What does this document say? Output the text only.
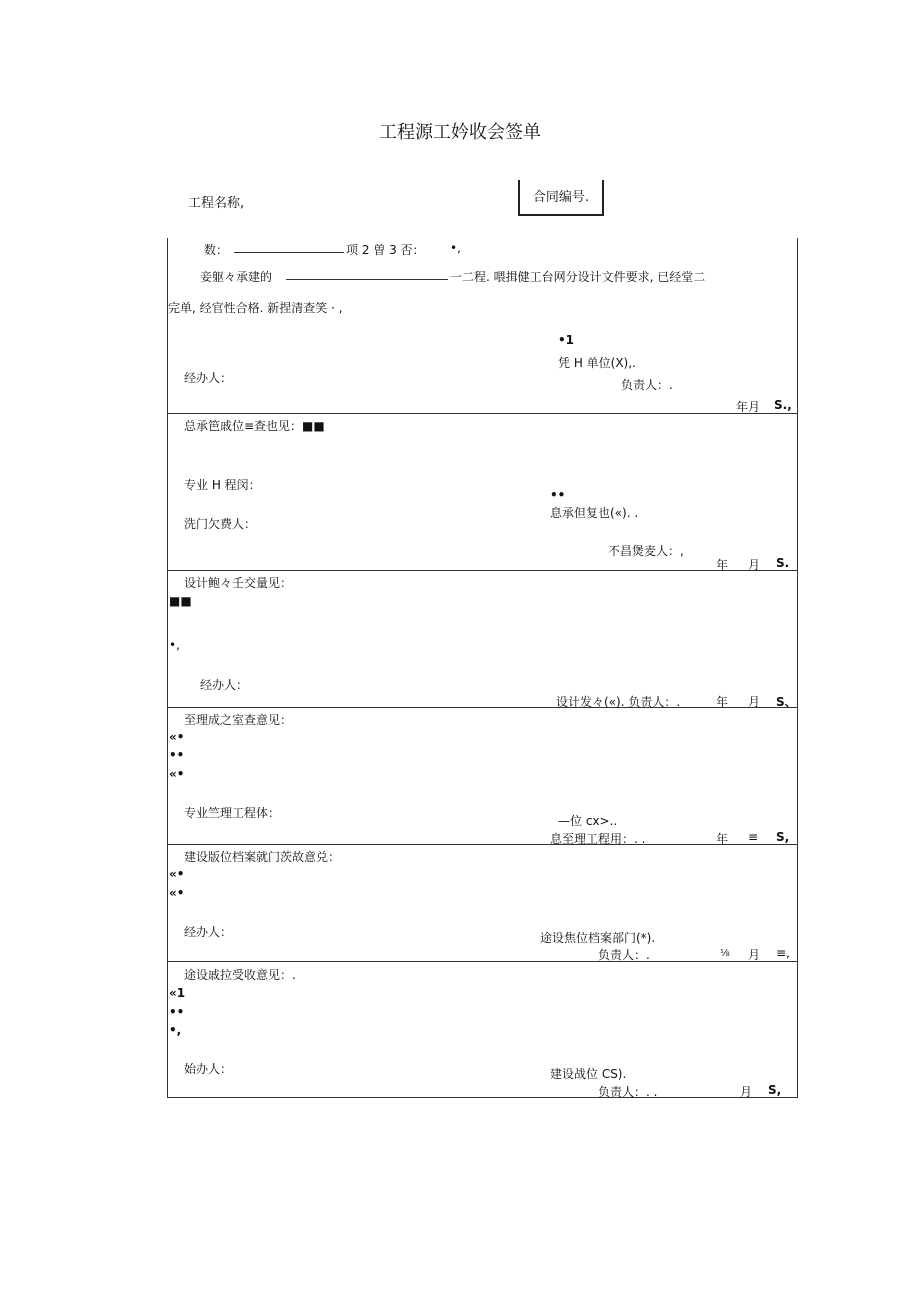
工程源工妗收会签单
工程名称,	合同编号.
数：	项 2 曽 3 否： •,
妾躯々承建的	一二程. 喂揖健工台网分设计文件要求, 已经堂二
完单, 经官性合格. 新捏清查笑 · ,
•1
凭 H 单位(X),.
经办人：	负责人：.
年月 S.,
总承笆戚位≡查也见：■■
专业 H 程闵：
••
息承但复也(«). .
洗门欠费人：
不昌煲麦人：,
年 月 S.
设计鲍々壬交量见：
■■
•,
经办人：
设计发々(«). 负责人：.	年 月 S、
至理成之室查意见：
«•
••
«•
专业竺理工程体：
—位 cx>..
息至理工程用：. .	年 ≡ S,
建设版位档案就门茨故意兑：
«•
«•
经办人：	途设焦位档案部门(*).
负责人：.	⅛ 月 ≡,
途设戚拉受收意见：.
«1
••
•,
始办人：	建设战位 CS).
负责人：. .	月 S,
